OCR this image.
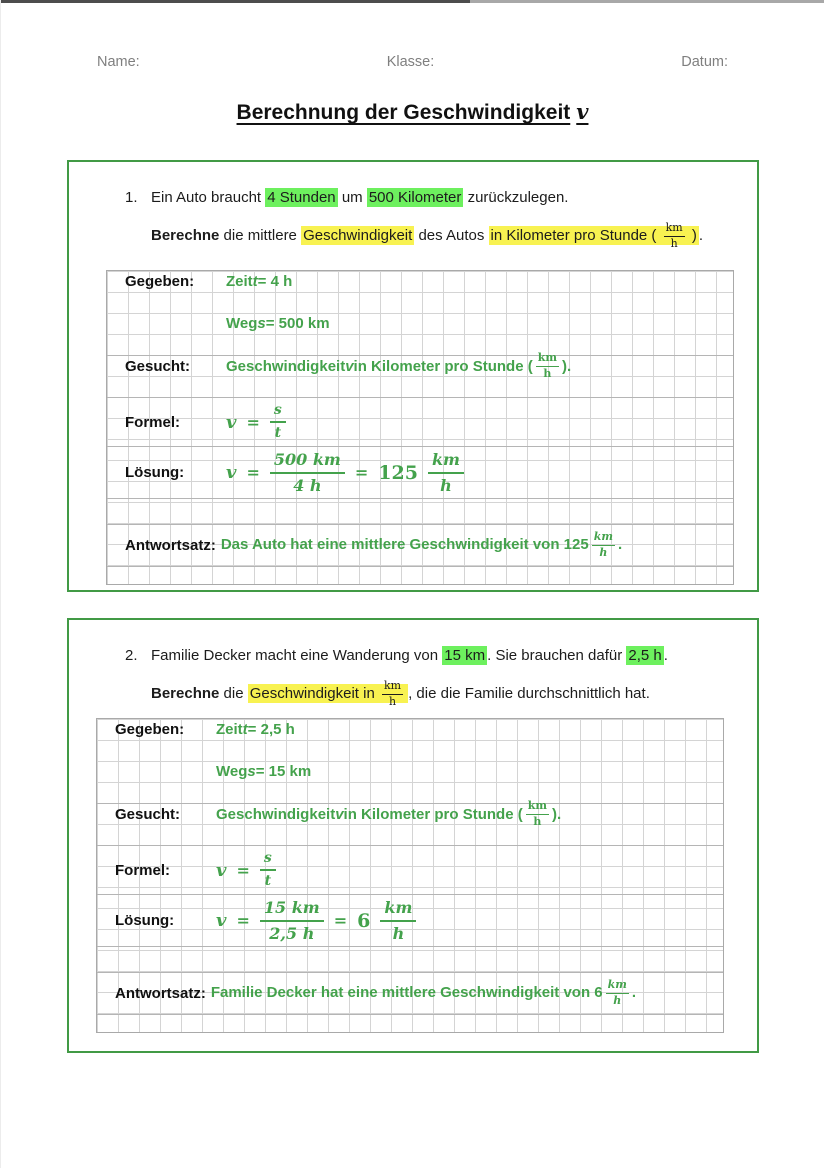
Name:	Klasse:	Datum:
Berechnung der Geschwindigkeit v
1. Ein Auto braucht 4 Stunden um 500 Kilometer zurückzulegen.
Berechne die mittlere Geschwindigkeit des Autos in Kilometer pro Stunde ( $\frac{km}{h}$ ) .
Gegeben:	Zeit t = 4 h
Weg s = 500 km
Gesucht:	Geschwindigkeit v in Kilometer pro Stunde (
km
h ).
Formel:	$v = \frac{s}{t}$
Lösung:	$v = \frac{500 km}{4 h} = 125$
km
h
Antwortsatz: Das Auto hat eine mittlere Geschwindigkeit von $125 \frac{km}{h}$ .
2. Familie Decker macht eine Wanderung von 15 km . Sie brauchen dafür 2,5 h .
Berechne die Geschwindigkeit in $\frac{km}{h}$ , die die Familie durchschnittlich hat.
Gegeben:	Zeit t = 2,5 h
Weg s = 15 km
Gesucht:	Geschwindigkeit v in Kilometer pro Stunde (
km
h ).
Formel:	$v = \frac{s}{t}$
Lösung:	$v = \frac{15 km}{2,5 h} = 6$
km
h
Antwortsatz: Familie Decker hat eine mittlere Geschwindigkeit von $6 \frac{km}{h}$ .
